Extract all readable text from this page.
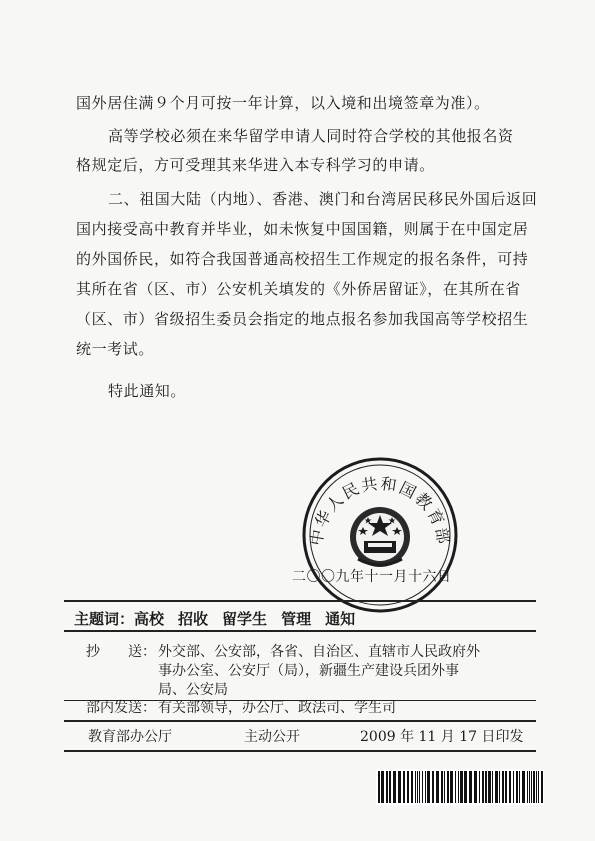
国外居住满９个月可按一年计算，以入境和出境签章为准）。
高等学校必须在来华留学申请人同时符合学校的其他报名资
格规定后，方可受理其来华进入本专科学习的申请。
二、祖国大陆（内地）、香港、澳门和台湾居民移民外国后返回
国内接受高中教育并毕业，如未恢复中国国籍，则属于在中国定居
的外国侨民，如符合我国普通高校招生工作规定的报名条件，可持
其所在省（区、市）公安机关填发的《外侨居留证》，在其所在省
（区、市）省级招生委员会指定的地点报名参加我国高等学校招生
统一考试。
特此通知。
中华人民共和国教育部
二〇〇九年十一月十六日
主题词：高校 招收 留学生 管理 通知
抄　　送： 外交部、公安部，各省、自治区、直辖市人民政府外
事办公室、公安厅（局），新疆生产建设兵团外事
局、公安局
部内发送： 有关部领导，办公厅、政法司、学生司
教育部办公厅	主动公开	2009 年 11 月 17 日印发
